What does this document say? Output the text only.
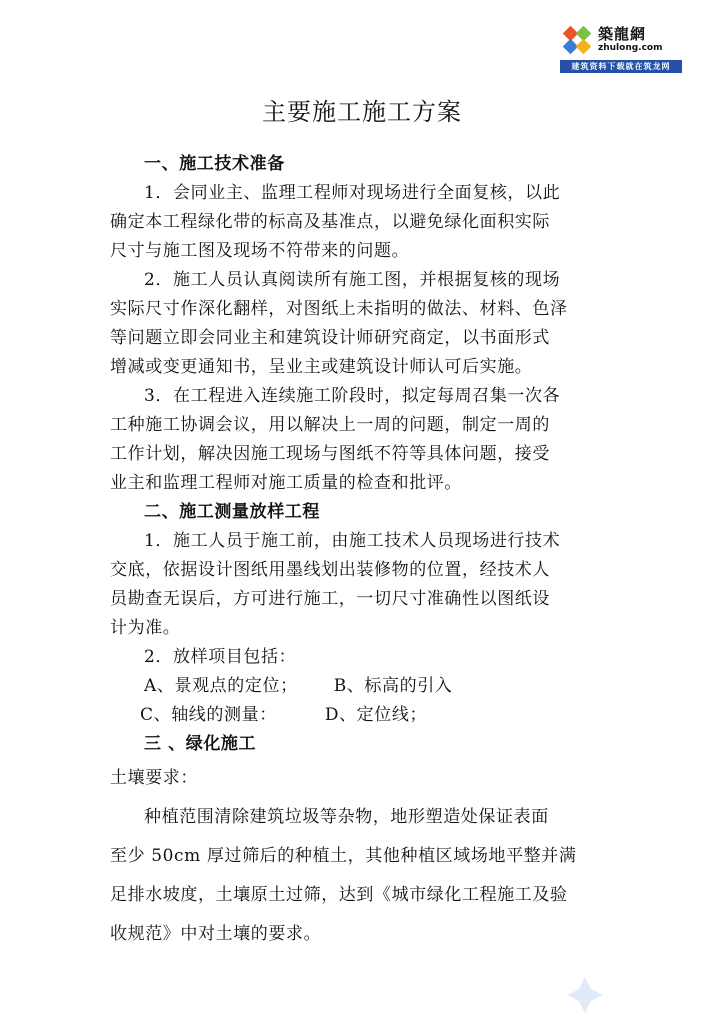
築龍網
zhulong.com
建筑资料下载就在筑龙网
主要施工施工方案
一、施工技术准备
1．会同业主、监理工程师对现场进行全面复核，以此
确定本工程绿化带的标高及基准点，以避免绿化面积实际
尺寸与施工图及现场不符带来的问题。
2．施工人员认真阅读所有施工图，并根据复核的现场
实际尺寸作深化翻样，对图纸上未指明的做法、材料、色泽
等问题立即会同业主和建筑设计师研究商定，以书面形式
增减或变更通知书，呈业主或建筑设计师认可后实施。
3．在工程进入连续施工阶段时，拟定每周召集一次各
工种施工协调会议，用以解决上一周的问题，制定一周的
工作计划，解决因施工现场与图纸不符等具体问题，接受
业主和监理工程师对施工质量的检查和批评。
二、施工测量放样工程
1．施工人员于施工前，由施工技术人员现场进行技术
交底，依据设计图纸用墨线划出装修物的位置，经技术人
员勘查无误后，方可进行施工，一切尺寸准确性以图纸设
计为准。
2．放样项目包括：
A、景观点的定位；      B、标高的引入
C、轴线的测量：        D、定位线；
三 、绿化施工
土壤要求：
种植范围清除建筑垃圾等杂物，地形塑造处保证表面
至少 50cm 厚过筛后的种植土，其他种植区域场地平整并满
足排水坡度，土壤原土过筛，达到《城市绿化工程施工及验
收规范》中对土壤的要求。
